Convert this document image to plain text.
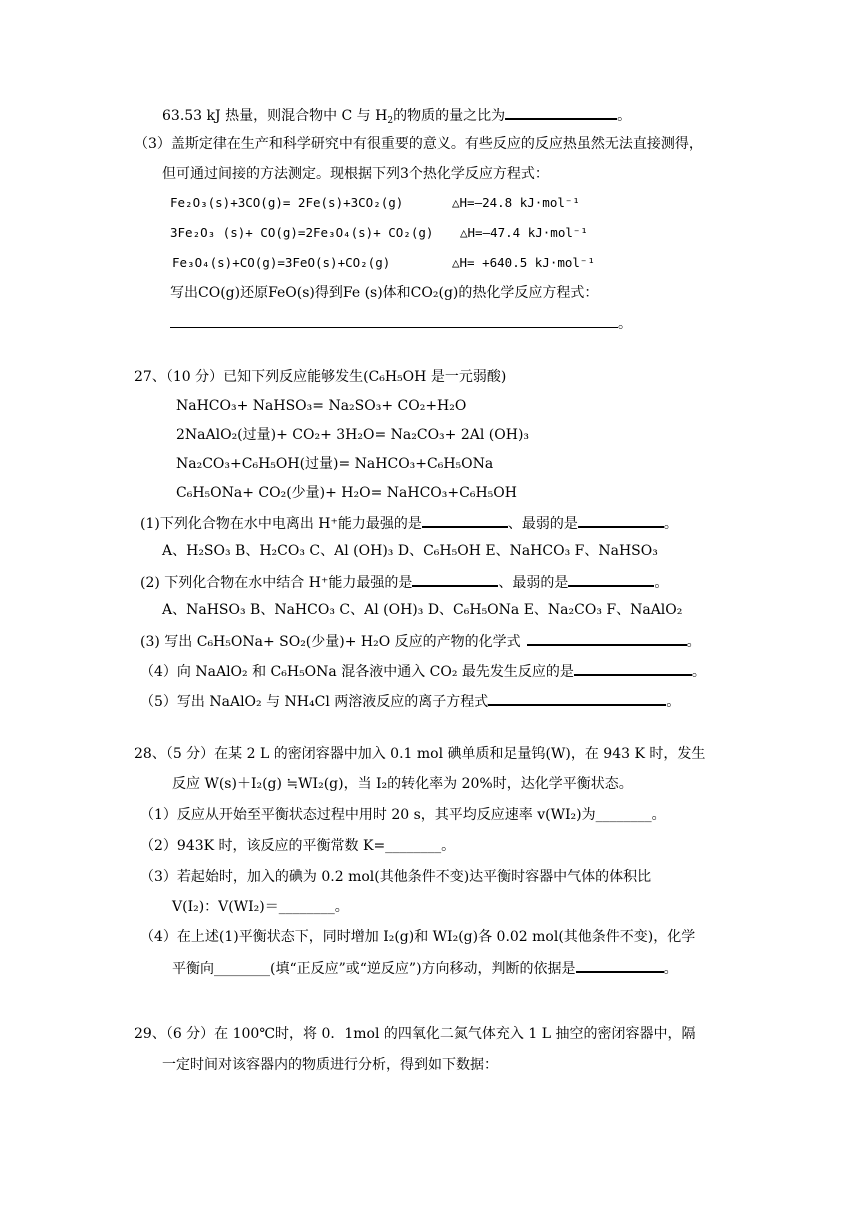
63.53 kJ 热量，则混合物中 C 与 $H_2$的物质的量之比为	。
（3）盖斯定律在生产和科学研究中有很重要的意义。有些反应的反应热虽然无法直接测得，
但可通过间接的方法测定。现根据下列3个热化学反应方程式：
Fe₂O₃(s)+3CO(g)= 2Fe(s)+3CO₂(g)	△H=—24.8 kJ·mol⁻¹
3Fe₂O₃ (s)+ CO(g)=2Fe₃O₄(s)+ CO₂(g) △H=—47.4 kJ·mol⁻¹
Fe₃O₄(s)+CO(g)=3FeO(s)+CO₂(g)	△H= +640.5 kJ·mol⁻¹
写出CO(g)还原FeO(s)得到Fe (s)体和CO₂(g)的热化学反应方程式：
。
27、（10 分）已知下列反应能够发生(C₆H₅OH 是一元弱酸)
NaHCO₃+ NaHSO₃= Na₂SO₃+ CO₂+H₂O
2NaAlO₂(过量)+ CO₂+ 3H₂O= Na₂CO₃+ 2Al (OH)₃
Na₂CO₃+C₆H₅OH(过量)= NaHCO₃+C₆H₅ONa
C₆H₅ONa+ CO₂(少量)+ H₂O= NaHCO₃+C₆H₅OH
(1)下列化合物在水中电离出 H⁺能力最强的是	、最弱的是	。
A、H₂SO₃ B、H₂CO₃ C、Al (OH)₃ D、C₆H₅OH E、NaHCO₃ F、NaHSO₃
(2) 下列化合物在水中结合 H⁺能力最强的是	、最弱的是	。
A、NaHSO₃ B、NaHCO₃ C、Al (OH)₃ D、C₆H₅ONa E、Na₂CO₃ F、NaAlO₂
(3) 写出 C₆H₅ONa+ SO₂(少量)+ H₂O 反应的产物的化学式	。
（4）向 NaAlO₂ 和 C₆H₅ONa 混各液中通入 CO₂ 最先发生反应的是	。
（5）写出 NaAlO₂ 与 NH₄Cl 两溶液反应的离子方程式	。
28、（5 分）在某 2 L 的密闭容器中加入 0.1 mol 碘单质和足量钨(W)，在 943 K 时，发生
反应 W(s)＋I₂(g) ≒WI₂(g)，当 I₂的转化率为 20%时，达化学平衡状态。
（1）反应从开始至平衡状态过程中用时 20 s，其平均反应速率 v(WI₂)为________。
（2）943K 时，该反应的平衡常数 K=________。
（3）若起始时，加入的碘为 0.2 mol(其他条件不变)达平衡时容器中气体的体积比
V(I₂)：V(WI₂)＝________。
（4）在上述(1)平衡状态下，同时增加 I₂(g)和 WI₂(g)各 0.02 mol(其他条件不变)，化学
平衡向________(填“正反应”或“逆反应”)方向移动，判断的依据是	。
29、（6 分）在 100℃时，将 0．1mol 的四氧化二氮气体充入 1 L 抽空的密闭容器中，隔
一定时间对该容器内的物质进行分析，得到如下数据：
